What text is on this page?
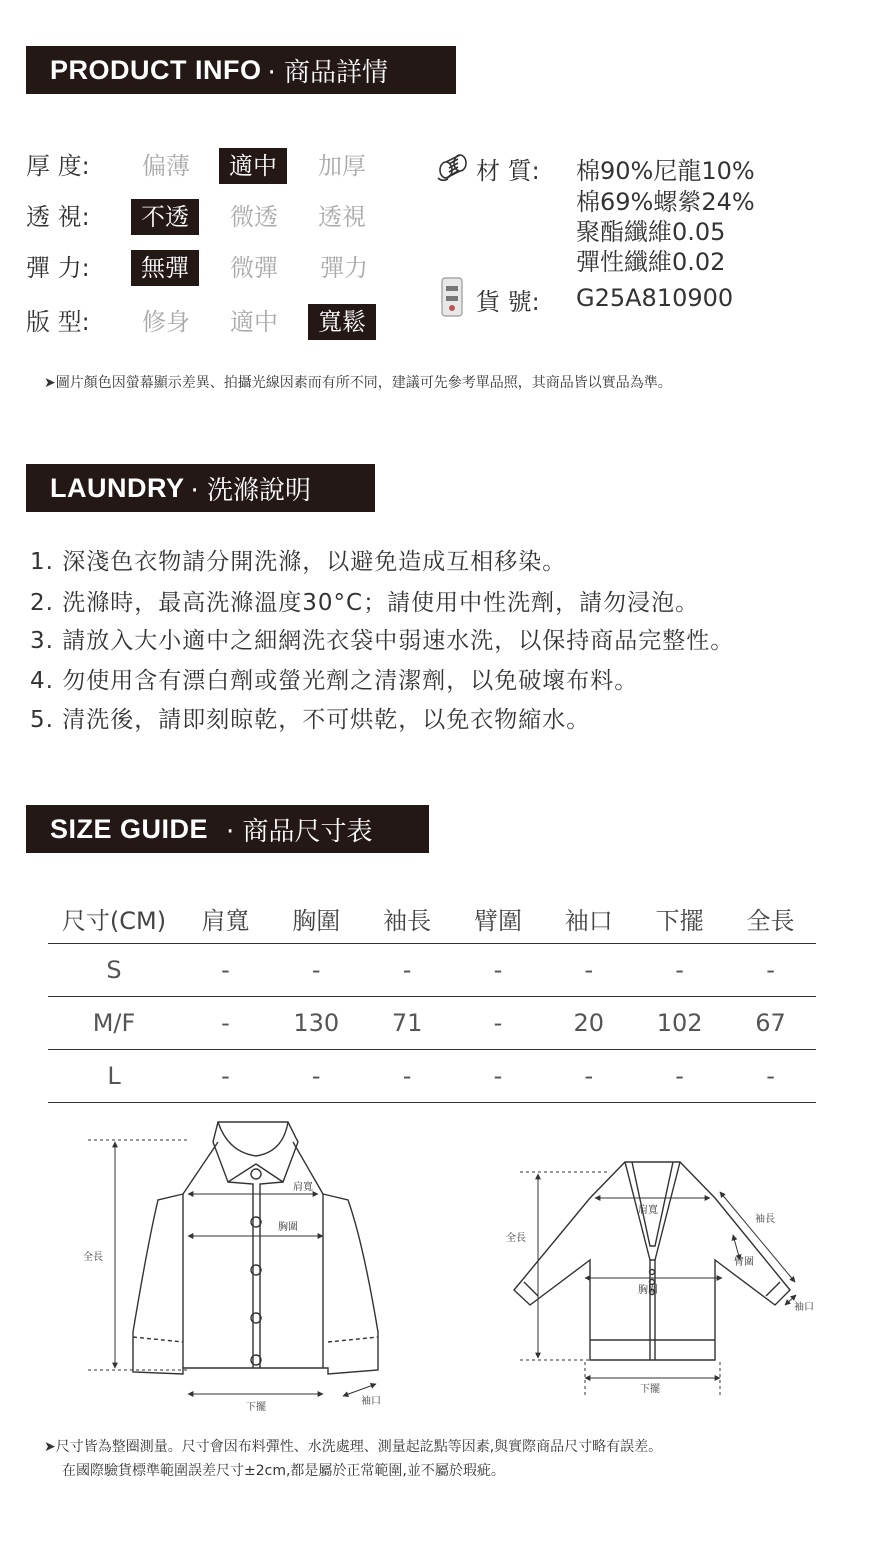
PRODUCT INFO · 商品詳情
厚 度: 偏薄	適中	加厚
透 視:	不透	微透 透視
彈 力:	無彈	微彈 彈力
版 型: 修身 適中	寬鬆
材 質: 棉90%尼龍10%
棉69%螺縈24%
聚酯纖維0.05
彈性纖維0.02
貨 號: G25A810900
➤圖片顏色因螢幕顯示差異、拍攝光線因素而有所不同，建議可先參考單品照，其商品皆以實品為準。
LAUNDRY · 洗滌說明
1. 深淺色衣物請分開洗滌，以避免造成互相移染。
2. 洗滌時，最高洗滌溫度30°C；請使用中性洗劑，請勿浸泡。
3. 請放入大小適中之細網洗衣袋中弱速水洗，以保持商品完整性。
4. 勿使用含有漂白劑或螢光劑之清潔劑，以免破壞布料。
5. 清洗後，請即刻晾乾，不可烘乾，以免衣物縮水。
SIZE GUIDE · 商品尺寸表
尺寸(CM)	肩寬	胸圍	袖長	臂圍	袖口	下擺	全長
S	-	-	-	-	-	-	-
M/F	-	130	71	-	20	102	67
L	-	-	-	-	-	-	-
肩寬
胸圍
全長
下擺
袖口
肩寬
袖長
全長
臂圍
胸圍
袖口
下擺
➤尺寸皆為整圈測量。尺寸會因布料彈性、水洗處理、測量起訖點等因素,與實際商品尺寸略有誤差。
在國際驗貨標準範圍誤差尺寸±2cm,都是屬於正常範圍,並不屬於瑕疵。
